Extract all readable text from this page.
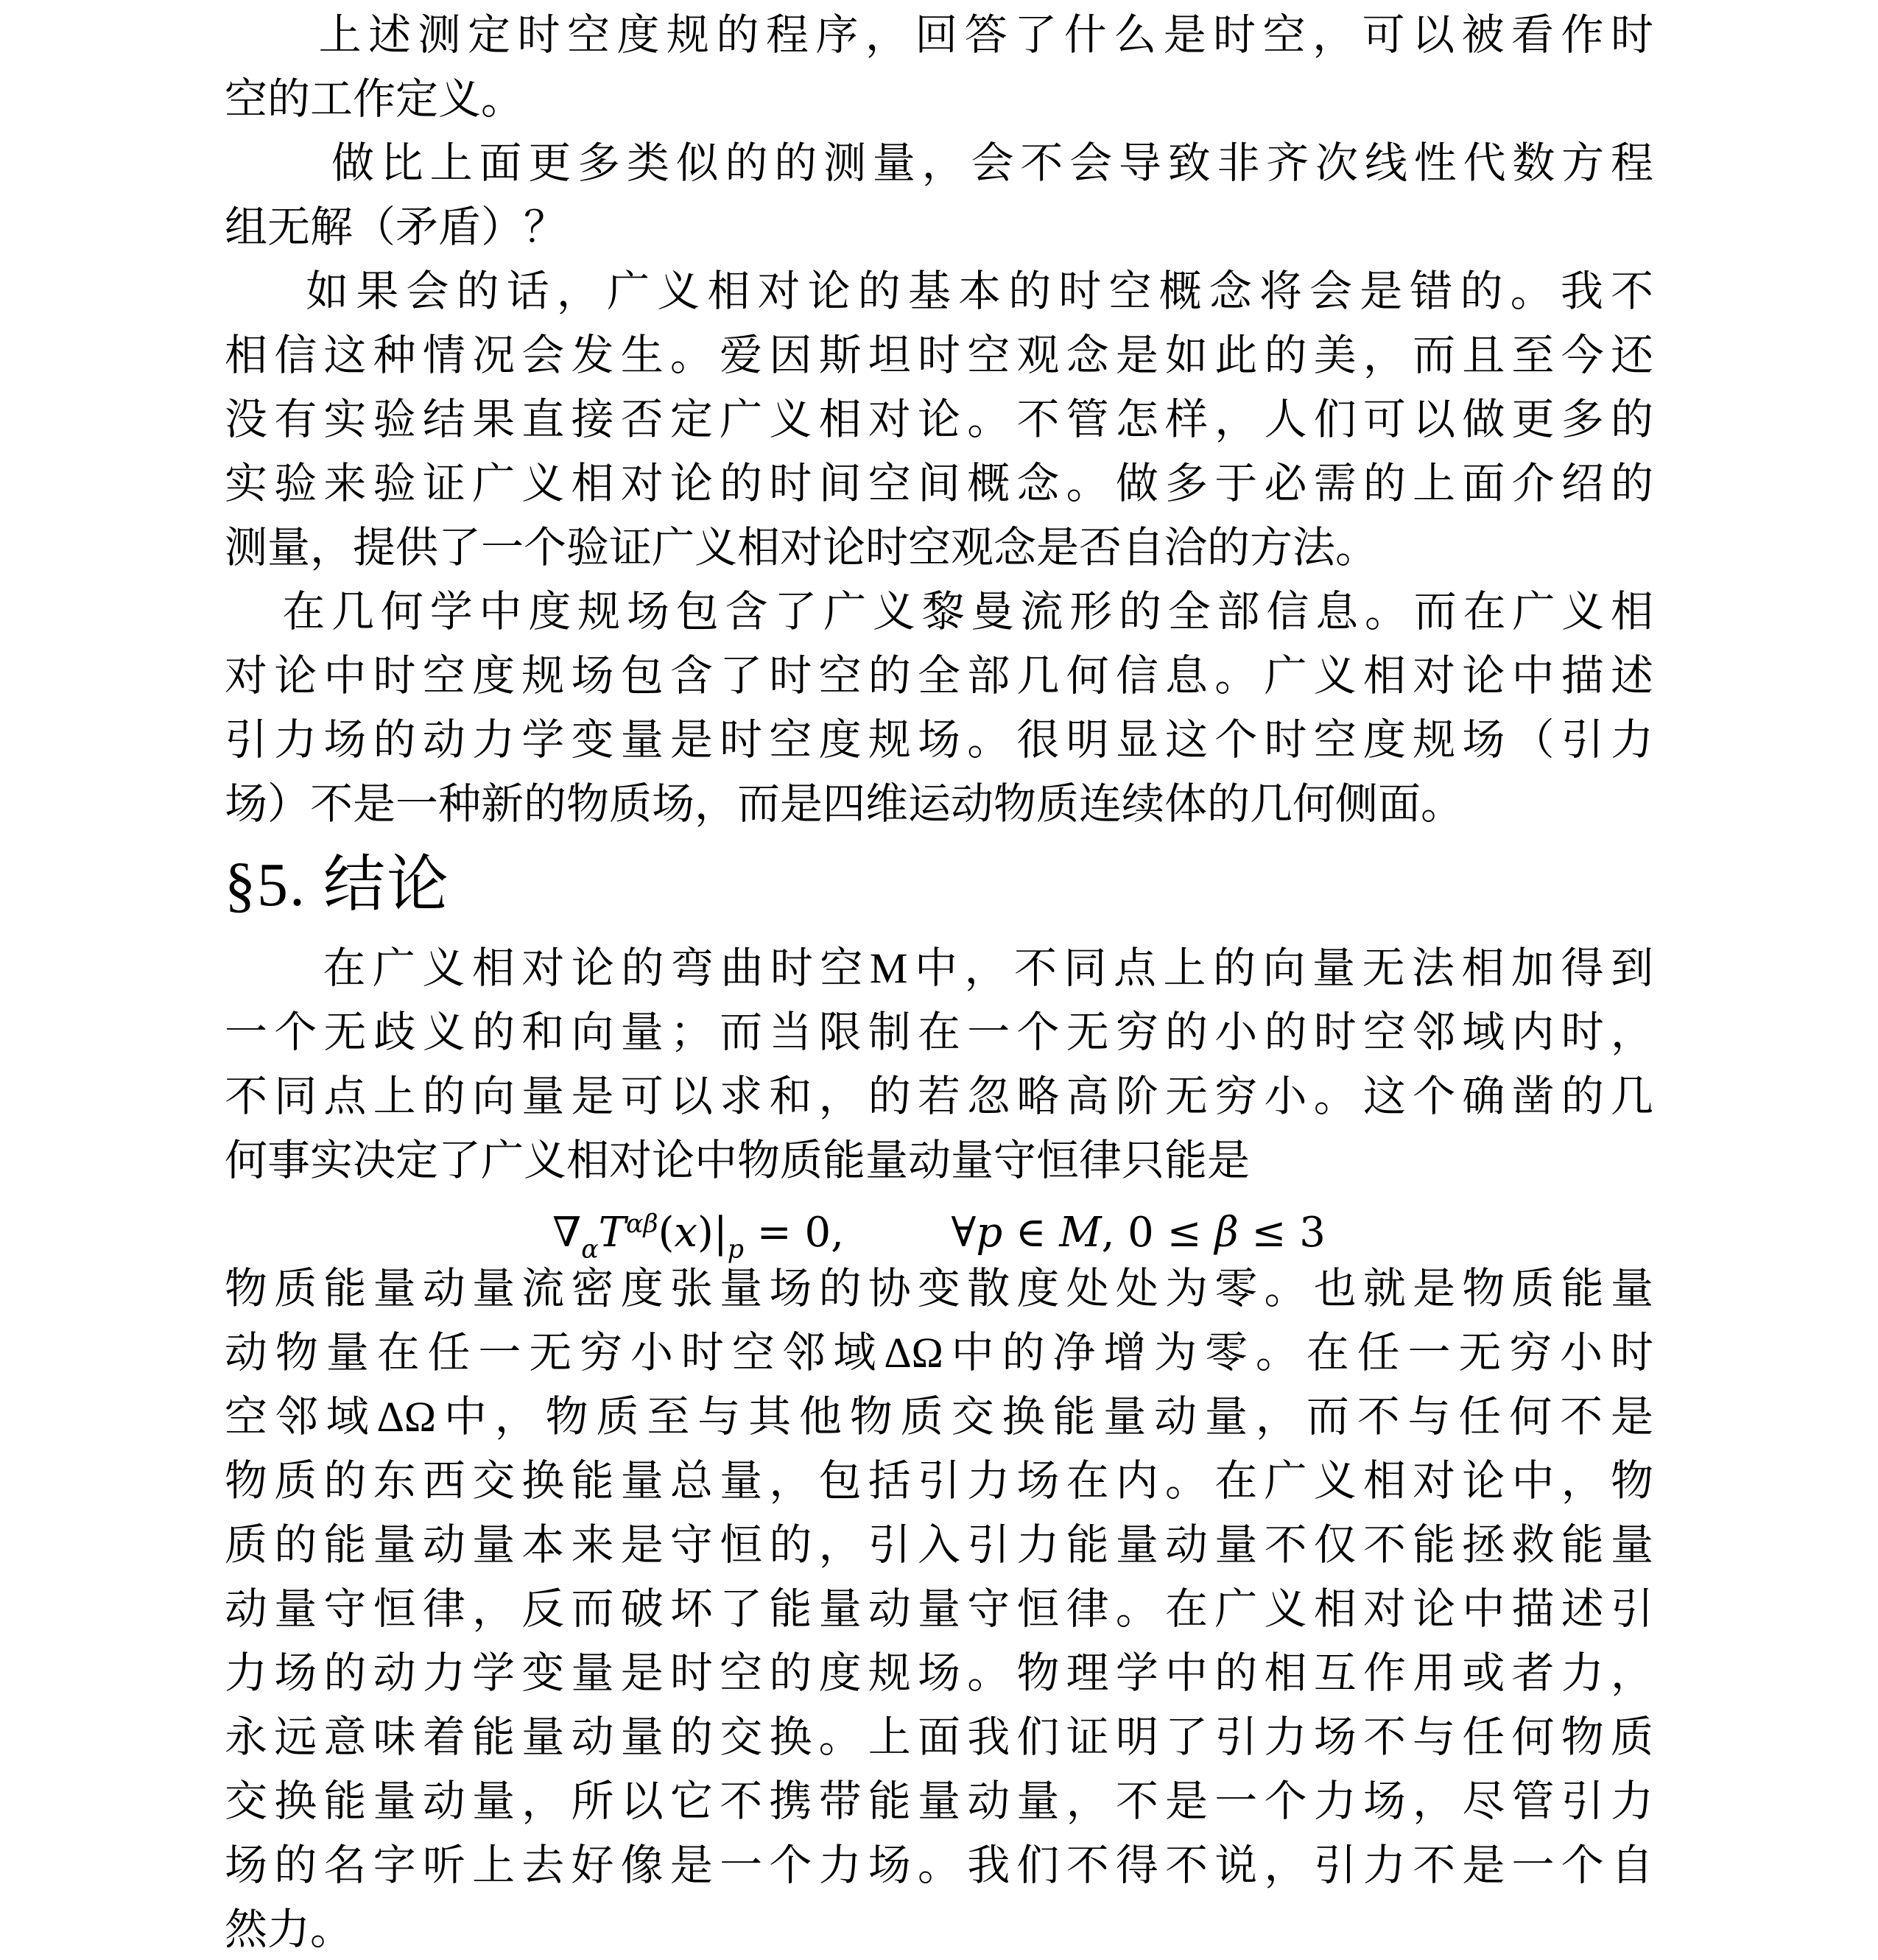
上述测定时空度规的程序，回答了什么是时空，可以被看作时
空的工作定义。
做比上面更多类似的的测量，会不会导致非齐次线性代数方程
组无解（矛盾）？
如果会的话，广义相对论的基本的时空概念将会是错的。我不
相信这种情况会发生。爱因斯坦时空观念是如此的美，而且至今还
没有实验结果直接否定广义相对论。不管怎样，人们可以做更多的
实验来验证广义相对论的时间空间概念。做多于必需的上面介绍的
测量，提供了一个验证广义相对论时空观念是否自洽的方法。
在几何学中度规场包含了广义黎曼流形的全部信息。而在广义相
对论中时空度规场包含了时空的全部几何信息。广义相对论中描述
引力场的动力学变量是时空度规场。很明显这个时空度规场（引力
场）不是一种新的物质场，而是四维运动物质连续体的几何侧面。
§5. 结论
在广义相对论的弯曲时空M中，不同点上的向量无法相加得到
一个无歧义的和向量；而当限制在一个无穷的小的时空邻域内时，
不同点上的向量是可以求和，的若忽略高阶无穷小。这个确凿的几
何事实决定了广义相对论中物质能量动量守恒律只能是
$\nabla_\alpha T^{\alpha\beta}(x)|_p = 0$,	∀p ∈ M, 0 ≤ β ≤ 3
物质能量动量流密度张量场的协变散度处处为零。也就是物质能量
动物量在任一无穷小时空邻域ΔΩ中的净增为零。在任一无穷小时
空邻域ΔΩ中，物质至与其他物质交换能量动量，而不与任何不是
物质的东西交换能量总量，包括引力场在内。在广义相对论中，物
质的能量动量本来是守恒的，引入引力能量动量不仅不能拯救能量
动量守恒律，反而破坏了能量动量守恒律。在广义相对论中描述引
力场的动力学变量是时空的度规场。物理学中的相互作用或者力，
永远意味着能量动量的交换。上面我们证明了引力场不与任何物质
交换能量动量，所以它不携带能量动量，不是一个力场，尽管引力
场的名字听上去好像是一个力场。我们不得不说，引力不是一个自
然力。
